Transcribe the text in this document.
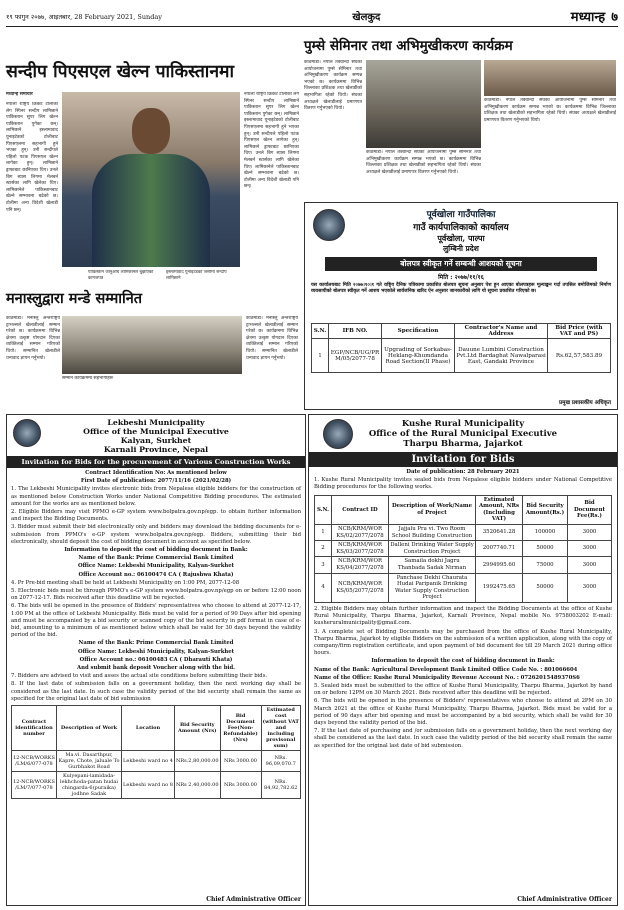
१९ फागुन २०७७, आइतबार, 28 February 2021, Sunday	खेलकुद	मध्यान्ह ७
सन्दीप पिएसएल खेल्न पाकिस्तानमा
मध्यान्ह समाचार
नेपाली राष्ट्रिय क्रिकेट टोलीका लेग स्पिनर सन्दीप लामिछाने पाकिस्तान सुपर लिग खेल्न पाकिस्तान पुगेका छन्। लामिछाने इस्लामावाद युनाइटेडको टोलीबाट पिएसएलमा सहभागी हुने भएका हुन्। उनी सन्दीपले पहिलो पटक पिएसएल खेल्न लागेका हुन्। लामिछाने ड्राफ्टबाट छानिएका थिए। उनले बिग ब्यास लिगमा मेलबर्न स्टार्सका लागि खेलेका थिए। लामिछानेले पाकिस्तानबाट खेल्ने सम्भावना बढेको छ। टोलीमा अन्य विदेशी खेलाडी पनि छन्।
नेपाली राष्ट्रिय क्रिकेट टोलीका लेग स्पिनर सन्दीप लामिछाने पाकिस्तान सुपर लिग खेल्न पाकिस्तान पुगेका छन्। लामिछाने इस्लामावाद युनाइटेडको टोलीबाट पिएसएलमा सहभागी हुने भएका हुन्। उनी सन्दीपले पहिलो पटक पिएसएल खेल्न लागेका हुन्। लामिछाने ड्राफ्टबाट छानिएका थिए। उनले बिग ब्यास लिगमा मेलबर्न स्टार्सका लागि खेलेका थिए। लामिछानेले पाकिस्तानबाट खेल्ने सम्भावना बढेको छ। टोलीमा अन्य विदेशी खेलाडी पनि छन्।
पाकिस्तान जानुअघि लामिछानेले बुझाएको कागजपत्र
इस्लामावाद युनाइटेडको जर्सीमा सन्दीप लामिछाने
पुम्से सेमिनार तथा अभिमुखीकरण कार्यक्रम
काठमाडौं। नेपाल तेक्वान्दो संघको आयोजनामा पुम्से सेमिनार तथा अभिमुखीकरण कार्यक्रम सम्पन्न भएको छ। कार्यक्रममा विभिन्न जिल्लाका प्रशिक्षक तथा खेलाडीको सहभागिता रहेको थियो। संघका अध्यक्षले खेलाडीलाई प्रमाणपत्र वितरण गर्नुभएको थियो।
काठमाडौं। नेपाल तेक्वान्दो संघको आयोजनामा पुम्से सेमिनार तथा अभिमुखीकरण कार्यक्रम सम्पन्न भएको छ। कार्यक्रममा विभिन्न जिल्लाका प्रशिक्षक तथा खेलाडीको सहभागिता रहेको थियो। संघका अध्यक्षले खेलाडीलाई प्रमाणपत्र वितरण गर्नुभएको थियो।
काठमाडौं। नेपाल तेक्वान्दो संघको आयोजनामा पुम्से सेमिनार तथा अभिमुखीकरण कार्यक्रम सम्पन्न भएको छ। कार्यक्रममा विभिन्न जिल्लाका प्रशिक्षक तथा खेलाडीको सहभागिता रहेको थियो। संघका अध्यक्षले खेलाडीलाई प्रमाणपत्र वितरण गर्नुभएको थियो।
मनास्लुद्वारा मन्डे सम्मानित
काठमाडौं। मनास्लु अन्तर्राष्ट्रिय ट्राभल्सले खेलाडीलाई सम्मान गरेको छ। कार्यक्रममा विभिन्न क्षेत्रमा उत्कृष्ट योगदान दिएका व्यक्तिलाई सम्मान गरिएको थियो। सम्मानित खेलाडीले धन्यवाद ज्ञापन गर्नुभयो।
सम्मान कार्यक्रममा सहभागीहरू
काठमाडौं। मनास्लु अन्तर्राष्ट्रिय ट्राभल्सले खेलाडीलाई सम्मान गरेको छ। कार्यक्रममा विभिन्न क्षेत्रमा उत्कृष्ट योगदान दिएका व्यक्तिलाई सम्मान गरिएको थियो। सम्मानित खेलाडीले धन्यवाद ज्ञापन गर्नुभयो।
पूर्वखोला गाउँपालिका
गाउँ कार्यपालिकाको कार्यालय
पूर्वखोला, पाल्पा
लुम्बिनी प्रदेश
बोलपत्र स्वीकृत गर्ने सम्बन्धी आशयको सूचना
मिति : २०७७/११/१६
यस कार्यालयबाट मिति २०७७।१०।१ गते राष्ट्रिय दैनिक पत्रिकामा प्रकाशित बोलपत्र सूचना अनुसार पेश हुन आएका बोलपत्रहरू मूल्याङ्कन गर्दा तपसिल बमोजिमको निर्माण व्यवसायीको बोलपत्र स्वीकृत गर्ने आशय भएकोले सार्वजनिक खरिद ऐन अनुसार जानकारीको लागि यो सूचना प्रकाशित गरिएको छ।
S.N.	IFB NO.	Specification	Contractor's Name and Address	Bid Price (with VAT and PS)
1	EGP/NCB/UG/PR M/05/2077-78	Upgrading of Sorkabas-Heklang-Khumdanda Road Section(II Phase)	Dauune Lumbini Construction Pvt.Ltd Bardaghat Nawalparasi East, Gandaki Province	Rs.62,57,583.89
प्रमुख प्रशासकीय अधिकृत
Lekbeshi Municipality
Office of the Municipal Executive
Kalyan, Surkhet
Karnali Province, Nepal
Invitation for Bids for the procurement of Various Construction Works
Contract Identification No: As mentioned below
First Date of publication: 2077/11/16 (2021/02/28)
1. The Lekbeshi Municipality invites electronic bids from Nepalese eligible bidders for the construction of as mentioned below Construction Works under National Competitive Bidding procedures. The estimated amount for the works are as mentioned below.
2. Eligible Bidders may visit PPMO e-GP system www.bolpatra.gov.np/egp. to obtain further information and inspect the Bidding Documents.
3. Bidder must submit their bid electronically only and bidders may download the bidding documents for e-submission from PPMO's e-GP system www.bolpatra.gov.np/egp. Bidders, submitting their bid electronically, should deposit the cost of bidding document in account as specified below.
Information to deposit the cost of bidding document in Bank:
Name of the Bank: Prime Commercial Bank Limited
Office Name: Lekbeshi Municipality, Kalyan-Surkhet
Office Account no.: 06100474 CA ( Rajushwa Khata)
4. Pr Pre-bid meeting shall be held at Lekbeshi Municipality on 1:00 PM, 2077-12-08
5. Electronic bids must be through PPMO's e-GP system www.bolpatra.gov.np/egp on or before 12:00 noon on 2077-12-17. Bids received after this deadline will be rejected.
6. The bids will be opened in the presence of Bidders' representatives who choose to attend at 2077-12-17, 1:00 PM at the office of Lekbeshi Municipality. Bids must be valid for a period of 90 Days after bid opening and must be accompanied by a bid security or scanned copy of the bid security in pdf format in case of e-bid, amounting to a minimum of as mentioned below which shall be valid for 30 days beyond the validity period of the bid.
Name of the Bank: Prime Commercial Bank Limited
Office Name: Lekbeshi Municipality, Kalyan-Surkhet
Office Account no.: 06100483 CA ( Dharauti Khata)
And submit bank deposit Voucher along with the bid.
7. Bidders are advised to visit and asses the actual site conditions before submitting their bids.
8. If the last date of submission falls on a government holiday, then the next working day shall be considered as the last date. In such case the validity period of the bid security shall remain the same as specified for the original last date of bid submission
Contract identification number	Description of Work	Location	Bid Security Amount (Nrs)	Bid Document Fee(Non-Refundable) (Nrs)	Estimated cost (without VAT and including provisonal sum)
12-NCB/WORKS /LM/6/077-078	Ma.vi. Dasarthpur, Kapre, Chote, jaluale To Gurbhakot Road	Lekbeshi ward no 4	NRs.2,80,000.00	NRs 3000.00	NRs. 96,09,070.7
12-NCB/WORKS /LM/7/077-078	Kulyepani-lamidada-lekhchoda-patan hudai chingarda-6(puraika) jodhne Sadak	Lekbeshi ward no 8	NRs 2,40,000.00	NRs 3000.00	NRs. 84,92,782.62
Chief Administrative Officer
Kushe Rural Municipality
Office of the Rural Municipal Executive
Tharpu Bharma, Jajarkot
Invitation for Bids
Date of publication: 28 February 2021
1. Kushe Rural Municipality invites sealed bids from Nepalese eligible bidders under National Competitive Bidding procedures for the following works.
S.N.	Contract ID	Description of Work/Name of Project	Estimated Amount, NRs (Including VAT)	Bid Security Amount(Rs.)	Bid Document Fee(Rs.)
1	NCB/KRM/WOR KS/02/2077/2078	Jajjalu Pra vi. Two Room School Building Construction	3520641.28	100000	3000
2	NCB/KRM/WOR KS/03/2077/2078	Dalleni Drinking Water Supply Construction Project	2007740.71	50000	3000
3	NCB/KRM/WOR KS/04/2077/2078	Samaila dokhi Jagru Thanbada Sadak Nirman	2994995.60	75000	3000
4	NCB/KRM/WOR KS/05/2077/2078	Panchase Dekhi Chaurata Hudai Paripanik Drinking Water Supply Construction Project	1992475.65	50000	3000
2. Eligible Bidders may obtain further information and inspect the Bidding Documents at the office of Kushe Rural Municipality, Tharpu Bharma, Jajarkot, Karnali Province, Nepal mobile No. 9758003202 E-mail: kusheruralmunicipality@gmail.com.
3. A complete set of Bidding Documents may be purchased from the office of Kushe Rural Municipality, Tharpu Bharma, Jajarkot by eligible Bidders on the submission of a written application, along with the copy of company/firm registration certificate, and upon payment of bid document fee till 29 March 2021 during office hours.
Information to deposit the cost of bidding document in Bank:
Name of the Bank: Agricultural Development Bank Limited Office Code No. : 801066604
Name of the Office: Kushe Rural Municipality Revenue Account No. : 07262015489370S6
5. Sealed bids must be submitted to the office of Kushe Rural Municipality, Tharpu Bharma, Jajarkot by hand on or before 12PM on 30 March 2021. Bids received after this deadline will be rejected.
6. The bids will be opened in the presence of Bidders' representatives who choose to attend at 2PM on 30 March 2021 at the office of Kushe Rural Municipality, Tharpu Bharma, Jajarkot. Bids must be valid for a period of 90 days after bid opening and must be accompanied by a bid security, which shall be valid for 30 days beyond the validity period of the bid.
7. If the last date of purchasing and /or submission falls on a government holiday, then the next working day shall be considered as the last date. In such case the validity period of the bid security shall remain the same as specified for the original last date of bid submission.
Chief Administrative Officer
